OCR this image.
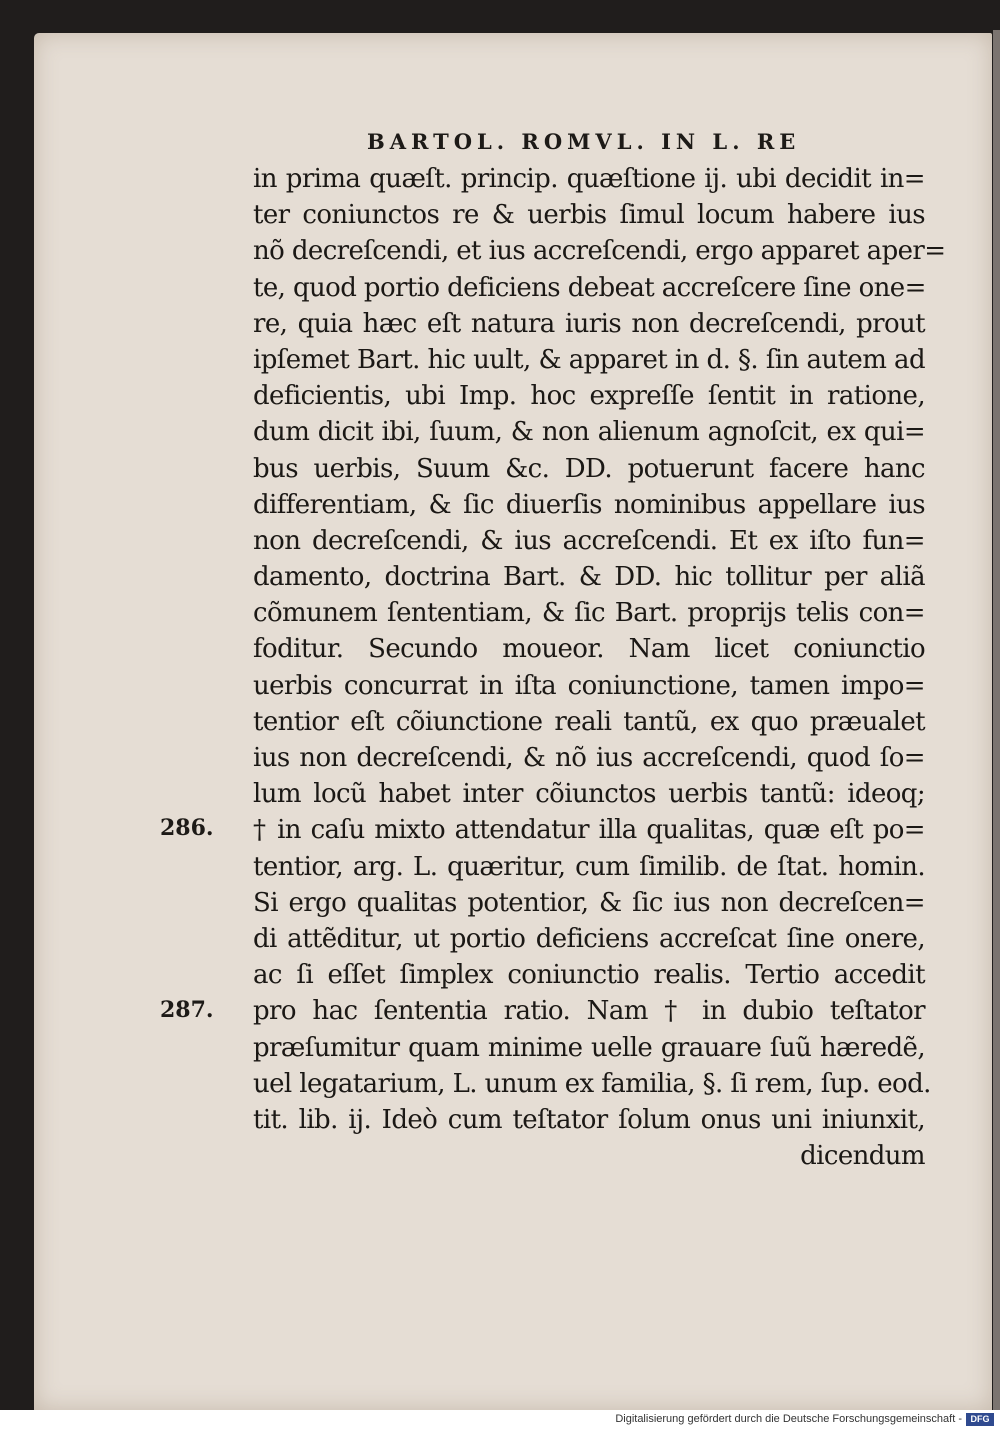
BARTOL. ROMVL. IN L. RE
in prima quæſt. princip. quæſtione ij. ubi decidit in=
ter coniunctos re & uerbis ſimul locum habere ius
nõ decreſcendi, et ius accreſcendi, ergo apparet aper=
te, quod portio deficiens debeat accreſcere ſine one=
re, quia hæc eſt natura iuris non decreſcendi, prout
ipſemet Bart. hic uult, & apparet in d. §. ſin autem ad
deficientis, ubi Imp. hoc expreſſe ſentit in ratione,
dum dicit ibi, ſuum, & non alienum agnoſcit, ex qui=
bus uerbis, Suum &c. DD. potuerunt facere hanc
differentiam, & ſic diuerſis nominibus appellare ius
non decreſcendi, & ius accreſcendi. Et ex iſto fun=
damento, doctrina Bart. & DD. hic tollitur per aliã
cõmunem ſententiam, & ſic Bart. proprijs telis con=
foditur. Secundo moueor. Nam licet coniunctio
uerbis concurrat in iſta coniunctione, tamen impo=
tentior eſt cõiunctione reali tantũ, ex quo præualet
ius non decreſcendi, & nõ ius accreſcendi, quod ſo=
lum locũ habet inter cõiunctos uerbis tantũ: ideoq;
† in caſu mixto attendatur illa qualitas, quæ eſt po=
tentior, arg. L. quæritur, cum ſimilib. de ſtat. homin.
Si ergo qualitas potentior, & ſic ius non decreſcen=
di attẽditur, ut portio deficiens accreſcat ſine onere,
ac ſi eſſet ſimplex coniunctio realis. Tertio accedit
pro hac ſententia ratio. Nam † in dubio teſtator
præſumitur quam minime uelle grauare ſuũ hæredẽ,
uel legatarium, L. unum ex familia, §. ſi rem, ſup. eod.
tit. lib. ij. Ideò cum teſtator ſolum onus uni iniunxit,
dicendum
286.
287.
Digitalisierung gefördert durch die Deutsche Forschungsgemeinschaft - DFG
